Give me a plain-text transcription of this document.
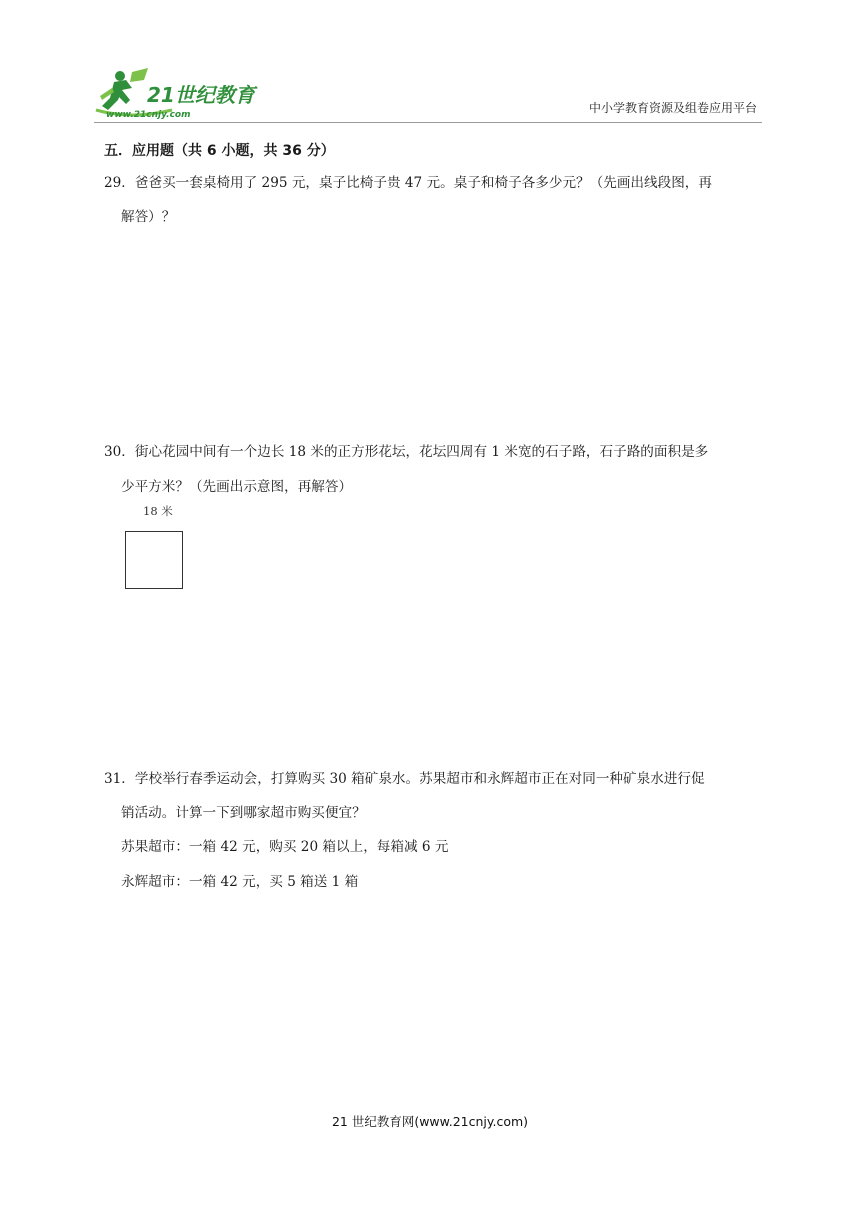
21世纪教育
www.21cnjy.com	中小学教育资源及组卷应用平台
五．应用题（共 6 小题，共 36 分）
29．爸爸买一套桌椅用了 295 元，桌子比椅子贵 47 元。桌子和椅子各多少元？（先画出线段图，再
解答）？
30．街心花园中间有一个边长 18 米的正方形花坛，花坛四周有 1 米宽的石子路，石子路的面积是多
少平方米？（先画出示意图，再解答）
18 米
31．学校举行春季运动会，打算购买 30 箱矿泉水。苏果超市和永辉超市正在对同一种矿泉水进行促
销活动。计算一下到哪家超市购买便宜？
苏果超市：一箱 42 元，购买 20 箱以上，每箱减 6 元
永辉超市：一箱 42 元，买 5 箱送 1 箱
21 世纪教育网(www.21cnjy.com)
